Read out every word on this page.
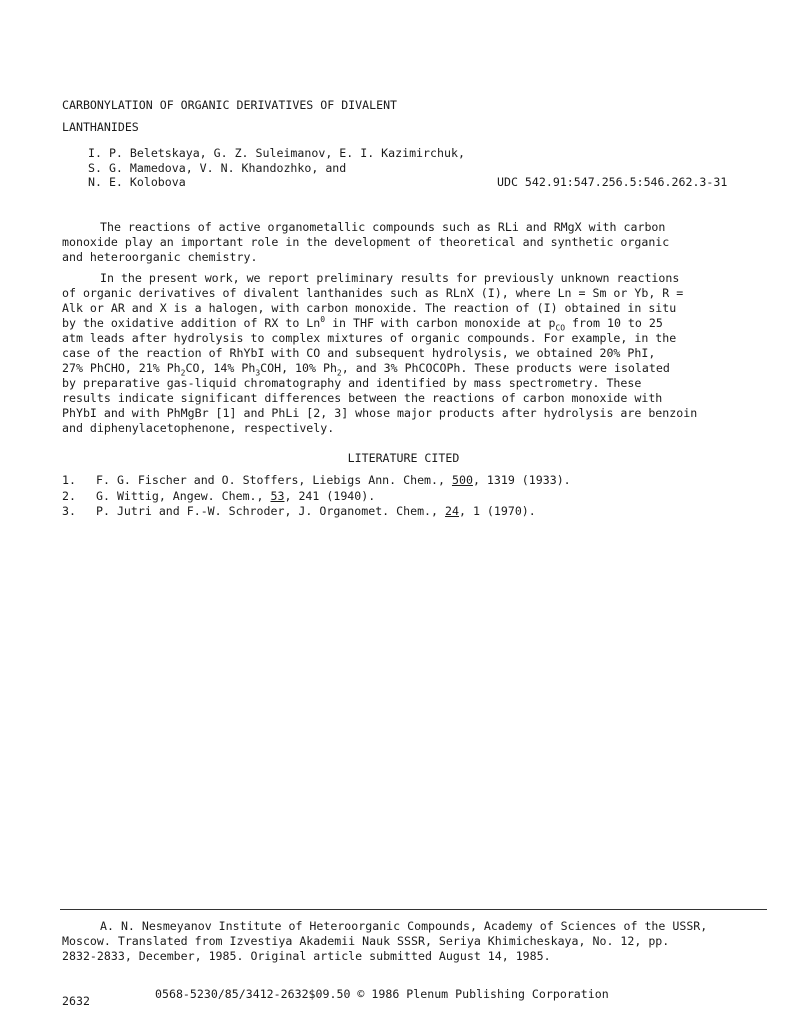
CARBONYLATION OF ORGANIC DERIVATIVES OF DIVALENT
LANTHANIDES
I. P. Beletskaya, G. Z. Suleimanov, E. I. Kazimirchuk,
S. G. Mamedova, V. N. Khandozhko, and
N. E. Kolobova	UDC 542.91:547.256.5:546.262.3-31
The reactions of active organometallic compounds such as RLi and RMgX with carbon
monoxide play an important role in the development of theoretical and synthetic organic
and heteroorganic chemistry.
In the present work, we report preliminary results for previously unknown reactions
of organic derivatives of divalent lanthanides such as RLnX (I), where Ln = Sm or Yb, R =
Alk or AR and X is a halogen, with carbon monoxide. The reaction of (I) obtained in situ
by the oxidative addition of RX to Ln$^0$ in THF with carbon monoxide at $p_{CO}$ from 10 to 25
atm leads after hydrolysis to complex mixtures of organic compounds. For example, in the
case of the reaction of RhYbI with CO and subsequent hydrolysis, we obtained 20% PhI,
27% PhCHO, 21% $Ph_2CO$, 14% $Ph_3COH$, 10% $Ph_2$, and 3% PhCOCOPh. These products were isolated
by preparative gas-liquid chromatography and identified by mass spectrometry. These
results indicate significant differences between the reactions of carbon monoxide with
PhYbI and with PhMgBr [1] and PhLi [2, 3] whose major products after hydrolysis are benzoin
and diphenylacetophenone, respectively.
LITERATURE CITED
1.	F. G. Fischer and O. Stoffers, Liebigs Ann. Chem., 500, 1319 (1933).
2.	G. Wittig, Angew. Chem., 53, 241 (1940).
3.	P. Jutri and F.-W. Schroder, J. Organomet. Chem., 24, 1 (1970).
A. N. Nesmeyanov Institute of Heteroorganic Compounds, Academy of Sciences of the USSR,
Moscow. Translated from Izvestiya Akademii Nauk SSSR, Seriya Khimicheskaya, No. 12, pp.
2832-2833, December, 1985. Original article submitted August 14, 1985.
2632	0568-5230/85/3412-2632$09.50 © 1986 Plenum Publishing Corporation
